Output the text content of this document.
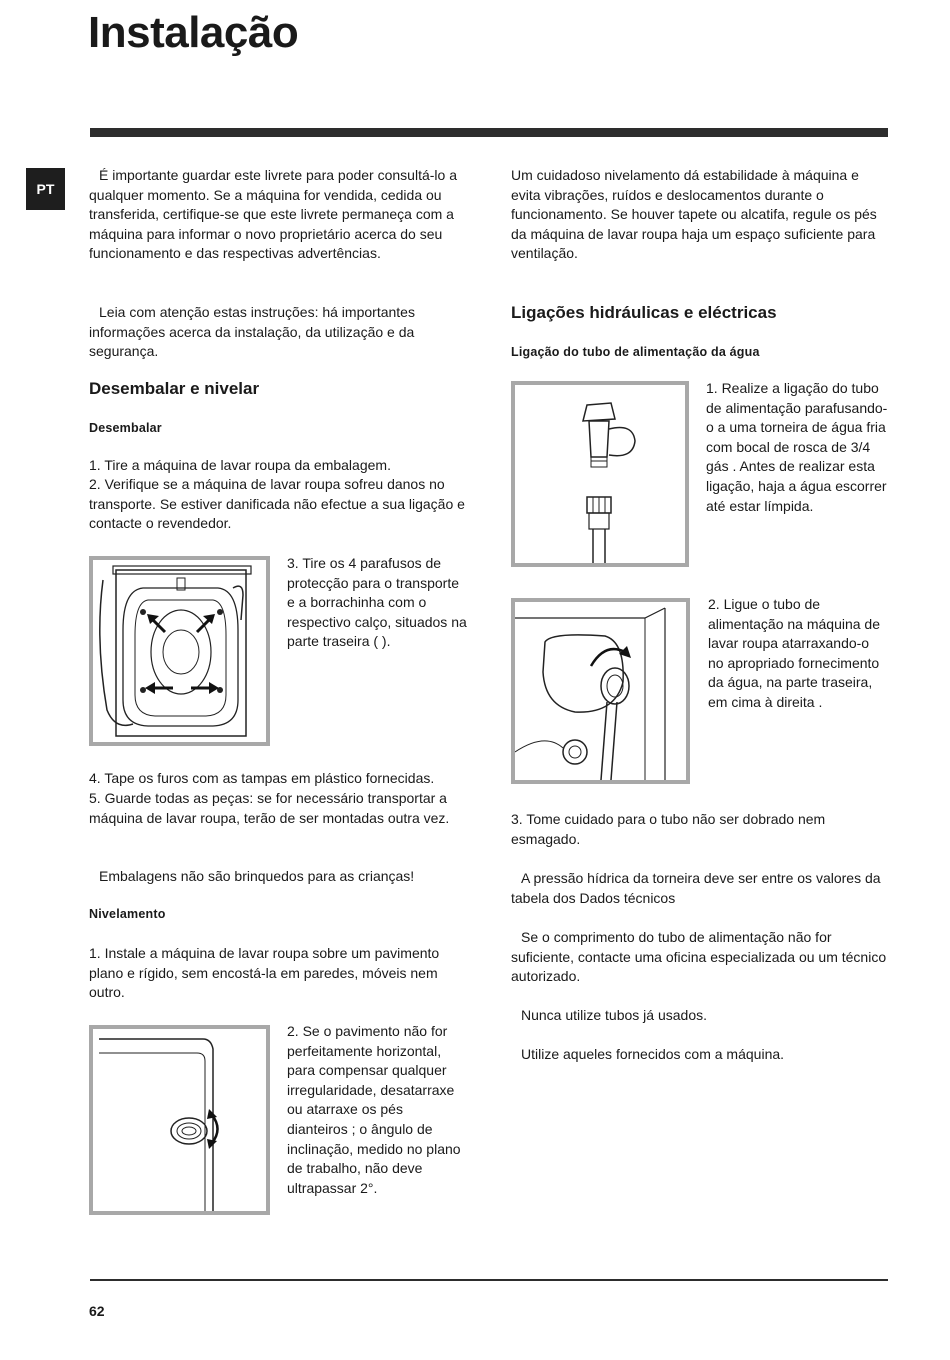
Instalação
PT

É importante guardar este livrete para poder consultá-lo a qualquer momento. Se a máquina for vendida, cedida ou transferida, certifique-se que este livrete permaneça com a máquina para informar o novo proprietário acerca do seu funcionamento e das respectivas advertências.

Leia com atenção estas instruções: há importantes informações acerca da instalação, da utilização e da segurança.

Desembalar e nivelar
Desembalar

1. Tire a máquina de lavar roupa da embalagem.

2. Verifique se a máquina de lavar roupa sofreu danos no transporte. Se estiver danificada não efectue a sua ligação e contacte o revendedor.

3. Tire os 4 parafusos de protecção para o transporte e a borrachinha com o respectivo calço, situados na parte traseira ( ).

4. Tape os furos com as tampas em plástico fornecidas.

5. Guarde todas as peças: se for necessário transportar a máquina de lavar roupa, terão de ser montadas outra vez.

Embalagens não são brinquedos para as crianças!

Nivelamento

1. Instale a máquina de lavar roupa sobre um pavimento plano e rígido, sem encostá-la em paredes, móveis nem outro.

2. Se o pavimento não for perfeitamente horizontal, para compensar qualquer irregularidade, desatarraxe ou atarraxe os pés dianteiros ; o ângulo de inclinação, medido no plano de trabalho, não deve ultrapassar 2°.

Um cuidadoso nivelamento dá estabilidade à máquina e evita vibrações, ruídos e deslocamentos durante o funcionamento. Se houver tapete ou alcatifa, regule os pés da máquina de lavar roupa haja um espaço suficiente para ventilação.

Ligações hidráulicas e eléctricas
Ligação do tubo de alimentação da água

1. Realize a ligação do tubo de alimentação parafusando-o a uma torneira de água fria com bocal de rosca de 3/4 gás . Antes de realizar esta ligação, haja a água escorrer até estar límpida.

2. Ligue o tubo de alimentação na máquina de lavar roupa atarraxando-o no apropriado fornecimento da água, na parte traseira, em cima à direita .

3. Tome cuidado para o tubo não ser dobrado nem esmagado.

A pressão hídrica da torneira deve ser entre os valores da tabela dos Dados técnicos

Se o comprimento do tubo de alimentação não for suficiente, contacte uma oficina especializada ou um técnico autorizado.

Nunca utilize tubos já usados.

Utilize aqueles fornecidos com a máquina.

62
